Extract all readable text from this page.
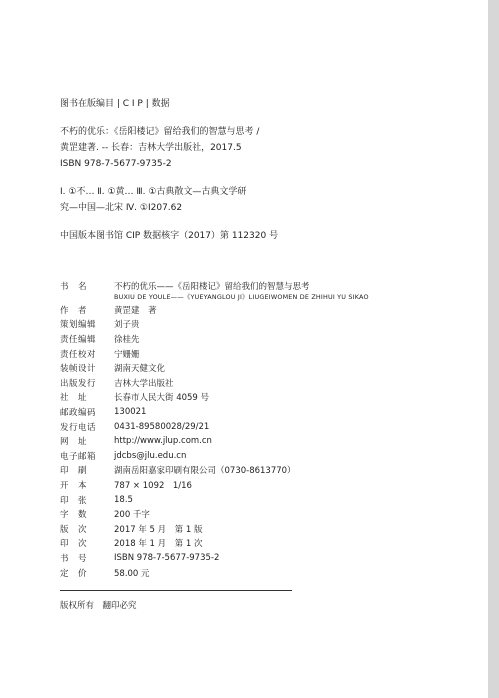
图书在版编目 | C I P | 数据
不朽的优乐：《岳阳楼记》留给我们的智慧与思考 /
黄罡建著. -- 长春：吉林大学出版社，2017.5
ISBN 978-7-5677-9735-2
Ⅰ. ①不… Ⅱ. ①黄… Ⅲ. ①古典散文—古典文学研
究—中国—北宋 Ⅳ. ①I207.62
中国版本图书馆 CIP 数据核字（2017）第 112320 号
书　名	不朽的优乐——《岳阳楼记》留给我们的智慧与思考
BUXIU DE YOULE——《YUEYANGLOU JI》LIUGEIWOMEN DE ZHIHUI YU SIKAO
作　者	黄罡建　著
策划编辑	刘子贵
责任编辑	徐桂先
责任校对	宁姗姗
装帧设计	湖南天健文化
出版发行	吉林大学出版社
社　址	长春市人民大街 4059 号
邮政编码	130021
发行电话	0431-89580028/29/21
网　址	http://www.jlup.com.cn
电子邮箱	jdcbs@jlu.edu.cn
印　刷	湖南岳阳嘉家印刷有限公司（0730-8613770）
开　本	787 × 1092　1/16
印　张	18.5
字　数	200 千字
版　次	2017 年 5 月　第 1 版
印　次	2018 年 1 月　第 1 次
书　号	ISBN 978-7-5677-9735-2
定　价	58.00 元
版权所有　翻印必究
